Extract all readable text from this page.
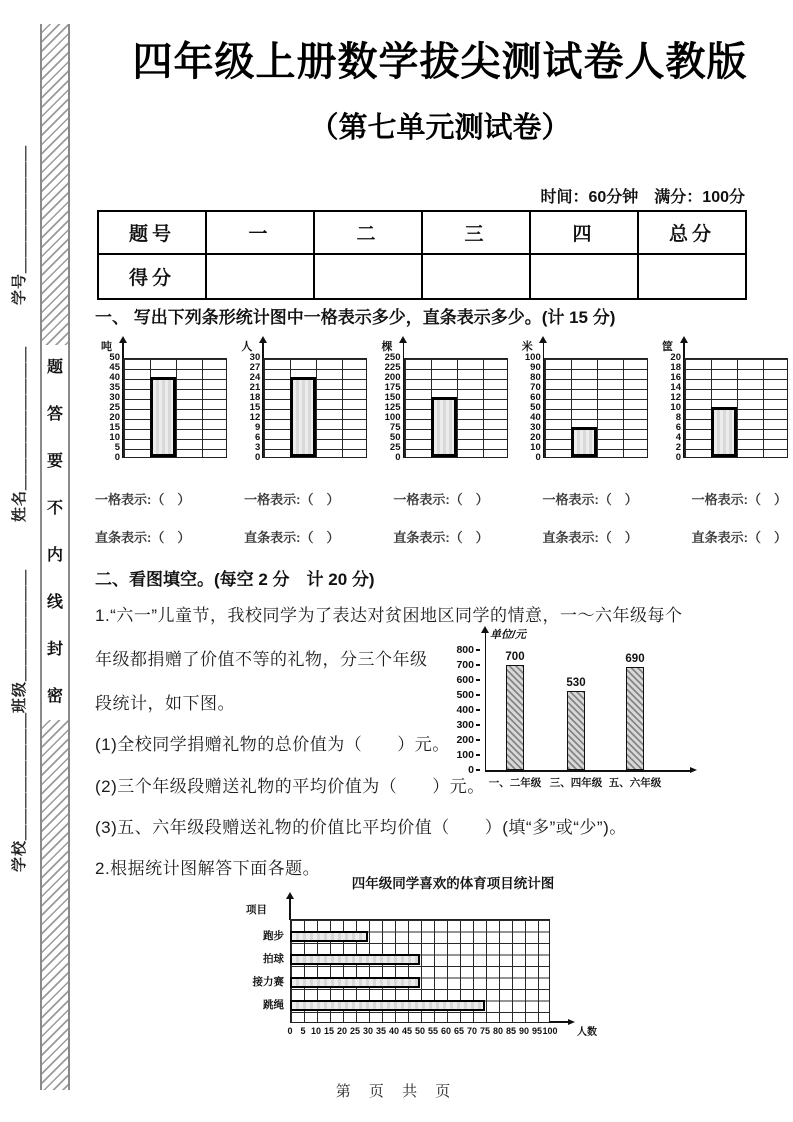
题
答
要
不
内
线
封
密
学号＿＿＿＿＿＿＿＿
姓名＿＿＿＿＿＿＿＿＿
班级＿＿＿＿＿＿＿
学校＿＿＿＿＿＿＿＿
四年级上册数学拔尖测试卷人教版
（第七单元测试卷）
时间：60分钟　满分：100分
题号	一	二	三	四	总分
得分					
一、 写出下列条形统计图中一格表示多少，直条表示多少。(计 15 分)
吨
0
5
10
15
20
25
30
35
40
45
50
人
0
3
6
9
12
15
18
21
24
27
30
棵
0
25
50
75
100
125
150
175
200
225
250
米
0
10
20
30
40
50
60
70
80
90
100
筐
0
2
4
6
8
10
12
14
16
18
20
一格表示:（　）	一格表示:（　）	一格表示:（　）	一格表示:（　）	一格表示:（　）
直条表示:（　）	直条表示:（　）	直条表示:（　）	直条表示:（　）	直条表示:（　）
二、看图填空。(每空 2 分　计 20 分)
1.“六一”儿童节，我校同学为了表达对贫困地区同学的情意，一～六年级每个
年级都捐赠了价值不等的礼物，分三个年级
段统计，如下图。
(1)全校同学捐赠礼物的总价值为（　　）元。
(2)三个年级段赠送礼物的平均价值为（　　）元。
(3)五、六年级段赠送礼物的价值比平均价值（　　）(填“多”或“少”)。
2.根据统计图解答下面各题。
单位/元
0
100
200
300
400
500
600
700
800
700
一、二年级
530
三、四年级
690
五、六年级
四年级同学喜欢的体育项目统计图
项目
人数
跑步
拍球
接力赛
跳绳
0 5 10 15 20 25 30 35 40 45 50 55 60 65 70 75 80 85 90 95 100
第 页 共 页
